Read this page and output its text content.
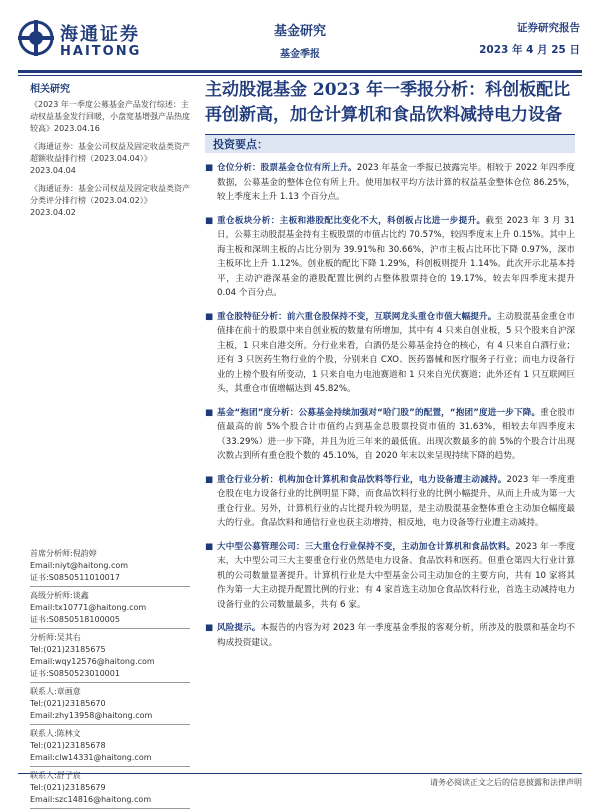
海通证券
HAITONG
基金研究
基金季报
证券研究报告
2023 年 4 月 25 日
相关研究
《2023 年一季度公募基金产品发行综述：主动权益基金发行回暖，小盘宽基增强产品热度较高》2023.04.16
《海通证券：基金公司权益及固定收益类资产超额收益排行榜（2023.04.04）》2023.04.04
《海通证券：基金公司权益及固定收益类资产分类评分排行榜（2023.04.02）》2023.04.02
首席分析师:倪韵婷
Email:niyt@haitong.com
证书:S0850511010017
高级分析师:谈鑫
Email:tx10771@haitong.com
证书:S0850518100005
分析师:吴其右
Tel:(021)23185675
Email:wqy12576@haitong.com
证书:S0850523010001
联系人:章画意
Tel:(021)23185670
Email:zhy13958@haitong.com
联系人:陈林文
Tel:(021)23185678
Email:clw14331@haitong.com
联系人:舒子宸
Tel:(021)23185679
Email:szc14816@haitong.com
主动股混基金 2023 年一季报分析：科创板配比再创新高，加仓计算机和食品饮料减持电力设备
投资要点：
■ 仓位分析：股票基金仓位有所上升。2023 年基金一季报已披露完毕。相较于 2022 年四季度数据，公募基金的整体仓位有所上升。使用加权平均方法计算的权益基金整体仓位 86.25%，较上季度末上升 1.13 个百分点。
■ 重仓板块分析：主板和港股配比变化不大，科创板占比进一步提升。截至 2023 年 3 月 31 日，公募主动股混基金持有主板股票的市值占比约 70.57%，较四季度末上升 0.15%。其中上海主板和深圳主板的占比分别为 39.91%和 30.66%，沪市主板占比环比下降 0.97%，深市主板环比上升 1.12%。创业板的配比下降 1.29%，科创板则提升 1.14%。此次开示北基本持平，主动沪港深基金的港股配置比例约占整体股票持仓的 19.17%，较去年四季度末提升 0.04 个百分点。
■ 重仓股特征分析：前六重仓股保持不变，互联网龙头重仓市值大幅提升。主动股混基金重仓市值排在前十的股票中来自创业板的数量有所增加，其中有 4 只来自创业板，5 只个股来自沪深主板，1 只来自港交所。分行业来看，白酒仍是公募基金持仓的核心，有 4 只来自白酒行业；还有 3 只医药生物行业的个股，分别来自 CXO、医药器械和医疗服务子行业；而电力设备行业的上榜个股有所变动，1 只来自电力电池赛道和 1 只来自光伏赛道；此外还有 1 只互联网巨头，其重仓市值增幅达到 45.82%。
■ 基金“抱团”度分析：公募基金持续加强对“哈门股”的配置，“抱团”度进一步下降。重仓股市值最高的前 5%个股合计市值约占到基金总股票投资市值的 31.63%，相较去年四季度末（33.29%）进一步下降，并且为近三年来的最低值。出现次数最多的前 5%的个股合计出现次数占到所有重仓股个数的 45.10%，自 2020 年末以来呈现持续下降的趋势。
■ 重仓行业分析：机构加仓计算机和食品饮料等行业，电力设备遭主动减持。2023 年一季度重仓股在电力设备行业的比例明显下降，而食品饮料行业的比例小幅提升，从而上升成为第一大重仓行业。另外，计算机行业的占比提升较为明显，是主动股混基金整体重仓主动加仓幅度最大的行业。食品饮料和通信行业也获主动增持，相反地，电力设备等行业遭主动减持。
■ 大中型公募管理公司：三大重仓行业保持不变，主动加仓计算机和食品饮料。2023 年一季度末，大中型公司三大主要重仓行业仍然是电力设备、食品饮料和医药。但重仓第四大行业计算机的公司数量显著提升。计算机行业是大中型基金公司主动加仓的主要方向，共有 10 家将其作为第一大主动提升配置比例的行业；有 4 家首选主动加仓食品饮料行业，首选主动减持电力设备行业的公司数量最多，共有 6 家。
■ 风险提示。本报告的内容为对 2023 年一季度基金季报的客观分析，所涉及的股票和基金均不构成投资建议。
请务必阅读正文之后的信息披露和法律声明
